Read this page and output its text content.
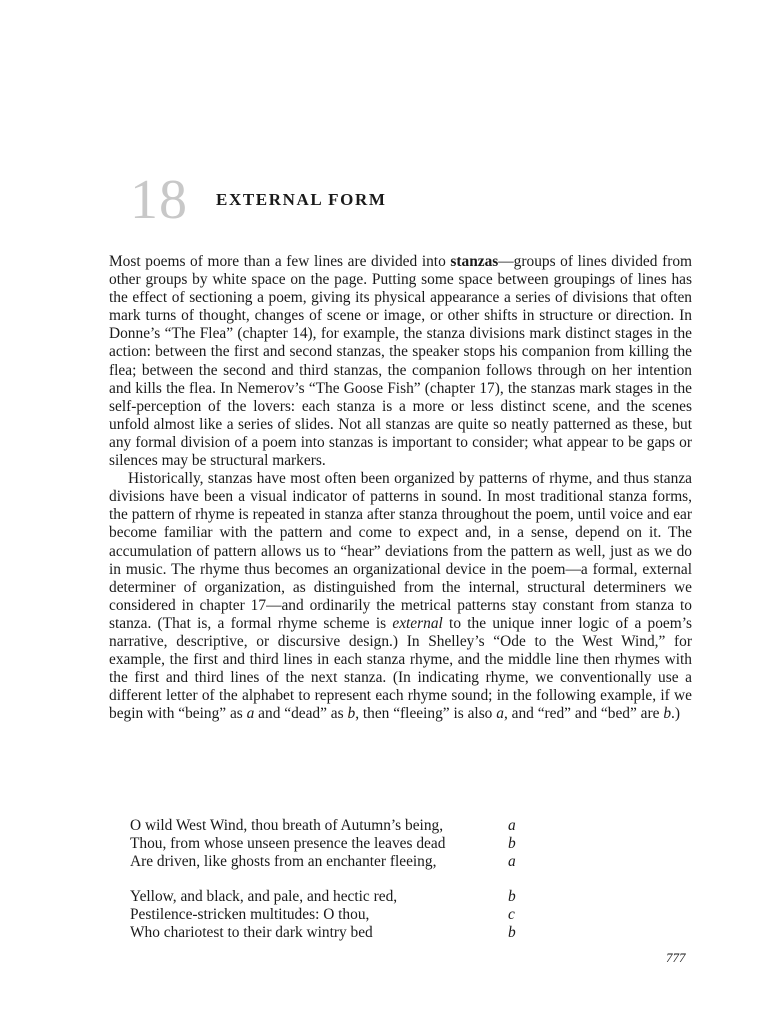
18 EXTERNAL FORM

Most poems of more than a few lines are divided into stanzas—groups of lines divided from other groups by white space on the page. Putting some space between groupings of lines has the effect of sectioning a poem, giving its physical appearance a series of divisions that often mark turns of thought, changes of scene or image, or other shifts in structure or direction. In Donne’s “The Flea” (chapter 14), for example, the stanza divisions mark distinct stages in the action: between the first and second stanzas, the speaker stops his companion from killing the flea; between the second and third stanzas, the companion follows through on her intention and kills the flea. In Nemerov’s “The Goose Fish” (chapter 17), the stanzas mark stages in the self-perception of the lovers: each stanza is a more or less distinct scene, and the scenes unfold almost like a series of slides. Not all stanzas are quite so neatly patterned as these, but any formal division of a poem into stanzas is important to consider; what appear to be gaps or silences may be structural markers.

Historically, stanzas have most often been organized by patterns of rhyme, and thus stanza divisions have been a visual indicator of patterns in sound. In most traditional stanza forms, the pattern of rhyme is repeated in stanza after stanza throughout the poem, until voice and ear become familiar with the pattern and come to expect and, in a sense, depend on it. The accumulation of pattern allows us to “hear” deviations from the pattern as well, just as we do in music. The rhyme thus becomes an organizational device in the poem—a formal, external determiner of organization, as distinguished from the internal, structural determiners we considered in chapter 17—and ordinarily the metrical patterns stay constant from stanza to stanza. (That is, a formal rhyme scheme is external to the unique inner logic of a poem’s narrative, descriptive, or discursive design.) In Shelley’s “Ode to the West Wind,” for example, the first and third lines in each stanza rhyme, and the middle line then rhymes with the first and third lines of the next stanza. (In indicating rhyme, we conventionally use a different letter of the alphabet to represent each rhyme sound; in the following example, if we begin with “being” as a and “dead” as b, then “fleeing” is also a, and “red” and “bed” are b.)

O wild West Wind, thou breath of Autumn’s being,	a
Thou, from whose unseen presence the leaves dead	b
Are driven, like ghosts from an enchanter fleeing,	a
Yellow, and black, and pale, and hectic red,	b
Pestilence-stricken multitudes: O thou,	c
Who chariotest to their dark wintry bed	b
777
